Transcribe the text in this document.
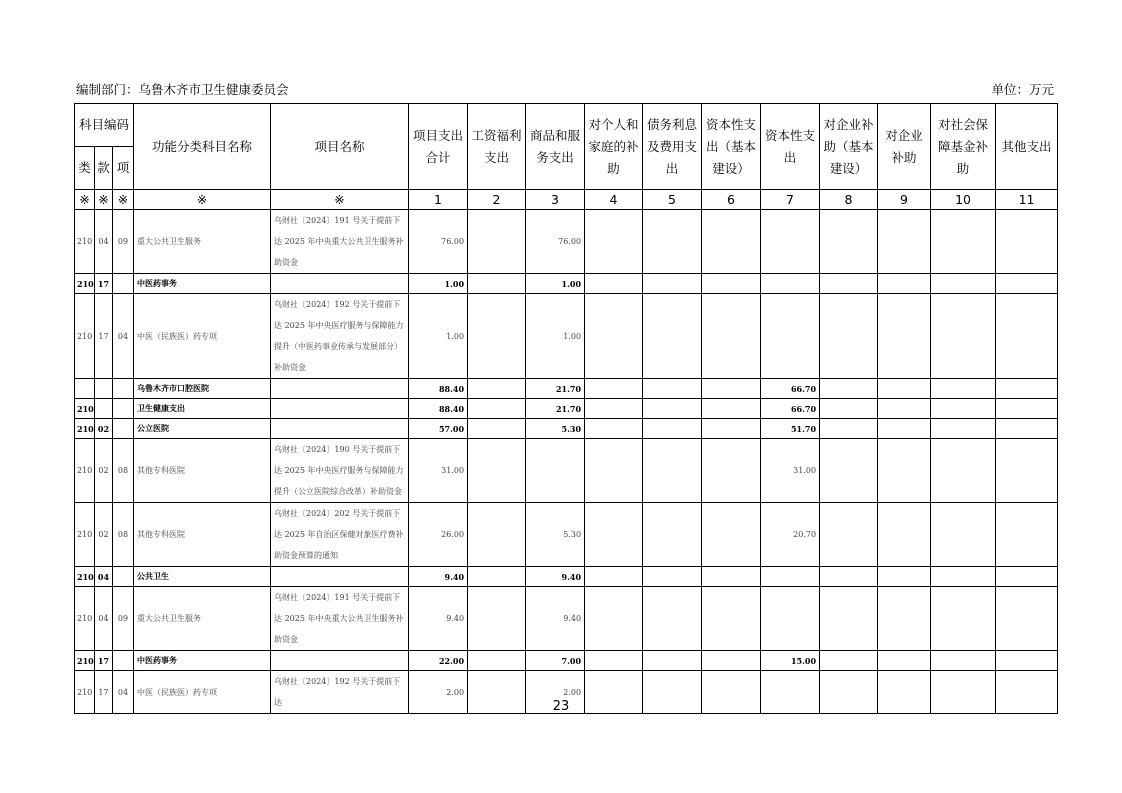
编制部门：乌鲁木齐市卫生健康委员会	单位：万元
科目编码			功能分类科目名称	项目名称	项目支出合计	工资福利支出	商品和服务支出	对个人和家庭的补助	债务利息及费用支出	资本性支出（基本建设）	资本性支出	对企业补助（基本建设）	对企业补助	对社会保障基金补助	其他支出
类	款	项													
※	※	※	※	※	1	2	3	4	5	6	7	8	9	10	11
210	04	09	重大公共卫生服务	乌财社〔2024〕191 号关于提前下达 2025 年中央重大公共卫生服务补助资金	76.00		76.00								
210	17		中医药事务		1.00		1.00								
210	17	04	中医（民族医）药专项	乌财社〔2024〕192 号关于提前下达 2025 年中央医疗服务与保障能力提升（中医药事业传承与发展部分）补助资金	1.00		1.00								
			乌鲁木齐市口腔医院		88.40		21.70				66.70				
210			卫生健康支出		88.40		21.70				66.70				
210	02		公立医院		57.00		5.30				51.70				
210	02	08	其他专科医院	乌财社〔2024〕190 号关于提前下达 2025 年中央医疗服务与保障能力提升（公立医院综合改革）补助资金	31.00						31.00				
210	02	08	其他专科医院	乌财社〔2024〕202 号关于提前下达 2025 年自治区保健对象医疗费补助资金预算的通知	26.00		5.30				20.70				
210	04		公共卫生		9.40		9.40								
210	04	09	重大公共卫生服务	乌财社〔2024〕191 号关于提前下达 2025 年中央重大公共卫生服务补助资金	9.40		9.40								
210	17		中医药事务		22.00		7.00				15.00				
210	17	04	中医（民族医）药专项	乌财社〔2024〕192 号关于提前下达	2.00		2.00								
23
